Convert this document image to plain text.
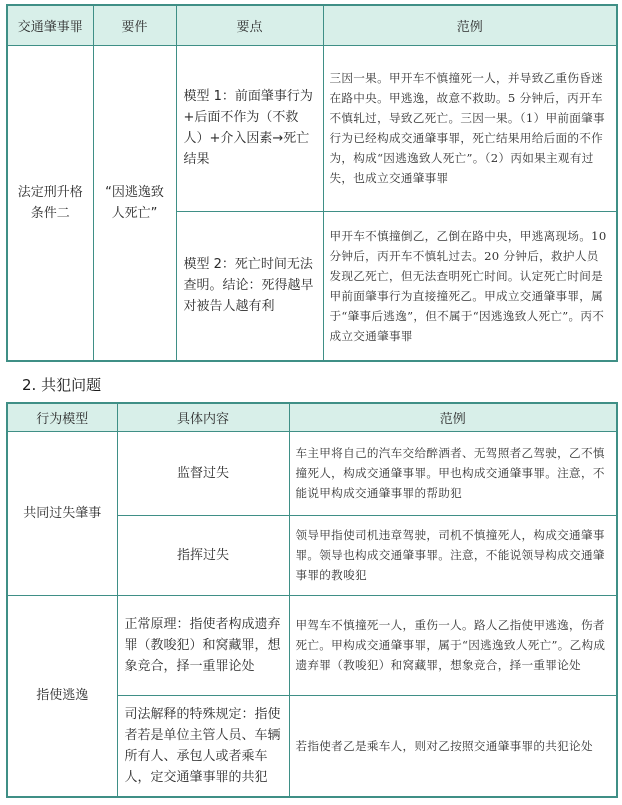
交通肇事罪	要件	要点	范例
法定刑升格条件二	“因逃逸致人死亡”	模型 1：前面肇事行为+后面不作为（不救人）+介入因素→死亡结果	三因一果。甲开车不慎撞死一人，并导致乙重伤昏迷在路中央。甲逃逸，故意不救助。5 分钟后，丙开车不慎轧过，导致乙死亡。三因一果。（1）甲前面肇事行为已经构成交通肇事罪，死亡结果用给后面的不作为，构成“因逃逸致人死亡”。（2）丙如果主观有过失，也成立交通肇事罪
		模型 2：死亡时间无法查明。结论：死得越早对被告人越有利	甲开车不慎撞倒乙，乙倒在路中央，甲逃离现场。10 分钟后，丙开车不慎轧过去。20 分钟后，救护人员发现乙死亡，但无法查明死亡时间。认定死亡时间是甲前面肇事行为直接撞死乙。甲成立交通肇事罪，属于“肇事后逃逸”，但不属于“因逃逸致人死亡”。丙不成立交通肇事罪
2. 共犯问题
行为模型	具体内容	范例
共同过失肇事	监督过失	车主甲将自己的汽车交给醉酒者、无驾照者乙驾驶，乙不慎撞死人，构成交通肇事罪。甲也构成交通肇事罪。注意，不能说甲构成交通肇事罪的帮助犯
	指挥过失	领导甲指使司机违章驾驶，司机不慎撞死人，构成交通肇事罪。领导也构成交通肇事罪。注意，不能说领导构成交通肇事罪的教唆犯
指使逃逸	正常原理：指使者构成遗弃罪（教唆犯）和窝藏罪，想象竞合，择一重罪论处	甲驾车不慎撞死一人，重伤一人。路人乙指使甲逃逸，伤者死亡。甲构成交通肇事罪，属于“因逃逸致人死亡”。乙构成遗弃罪（教唆犯）和窝藏罪，想象竞合，择一重罪论处
	司法解释的特殊规定：指使者若是单位主管人员、车辆所有人、承包人或者乘车人，定交通肇事罪的共犯	若指使者乙是乘车人，则对乙按照交通肇事罪的共犯论处
